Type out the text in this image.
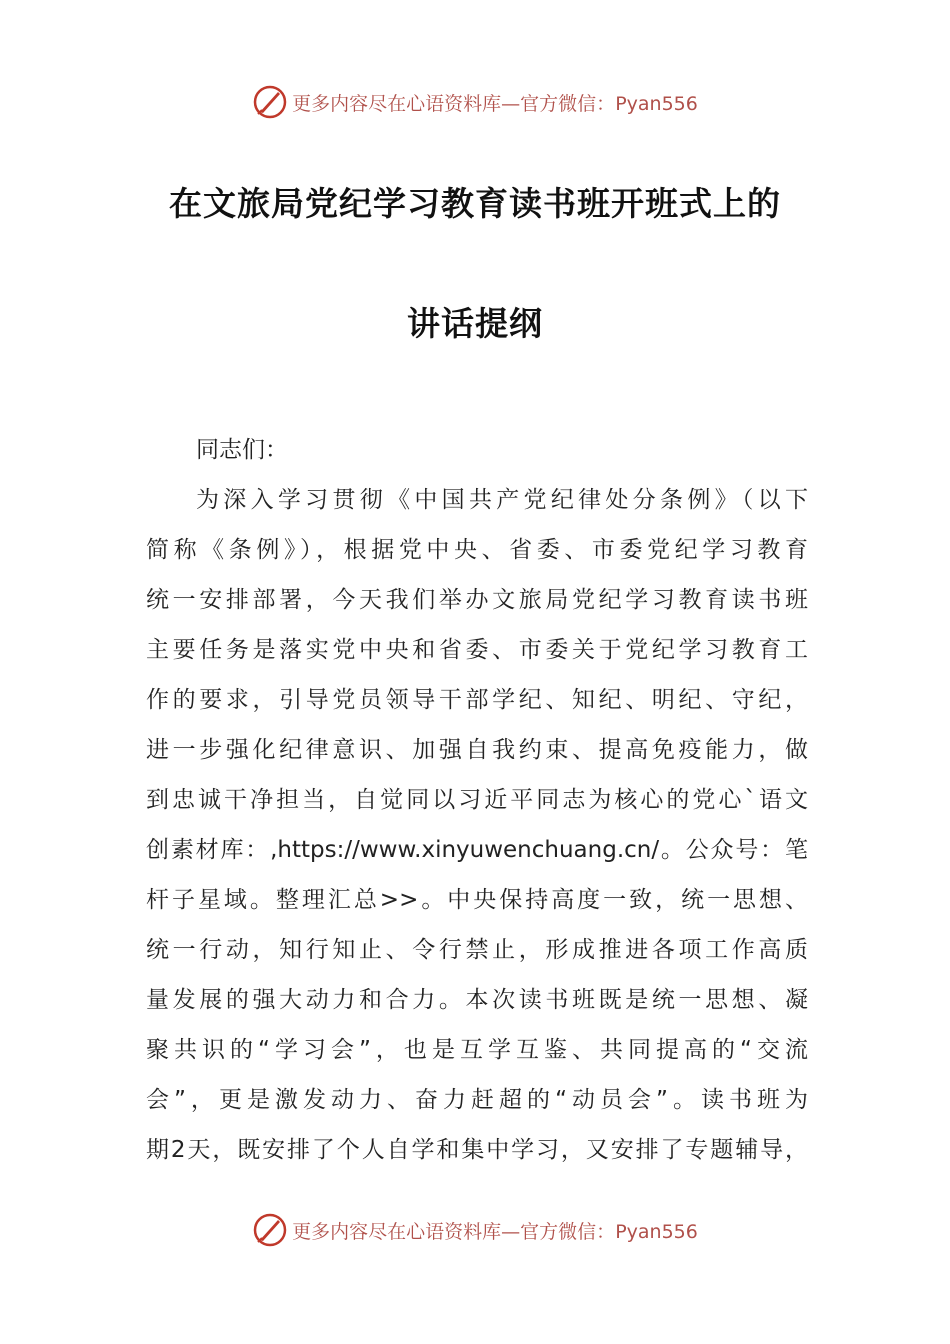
更多内容尽在心语资料库—官方微信：Pyan556
在文旅局党纪学习教育读书班开班式上的
讲话提纲
同志们：
为深入学习贯彻《中国共产党纪律处分条例》（以下
简称《条例》），根据党中央、省委、市委党纪学习教育
统一安排部署，今天我们举办文旅局党纪学习教育读书班
主要任务是落实党中央和省委、市委关于党纪学习教育工
作的要求，引导党员领导干部学纪、知纪、明纪、守纪，
进一步强化纪律意识、加强自我约束、提高免疫能力，做
到忠诚干净担当，自觉同以习近平同志为核心的党心`语文
创素材库：,https://www.xinyuwenchuang.cn/。公众号：笔
杆子星域。整理汇总>>。中央保持高度一致，统一思想、
统一行动，知行知止、令行禁止，形成推进各项工作高质
量发展的强大动力和合力。本次读书班既是统一思想、凝
聚共识的“学习会”，也是互学互鉴、共同提高的“交流
会”，更是激发动力、奋力赶超的“动员会”。读书班为
期2天，既安排了个人自学和集中学习，又安排了专题辅导，
更多内容尽在心语资料库—官方微信：Pyan556
